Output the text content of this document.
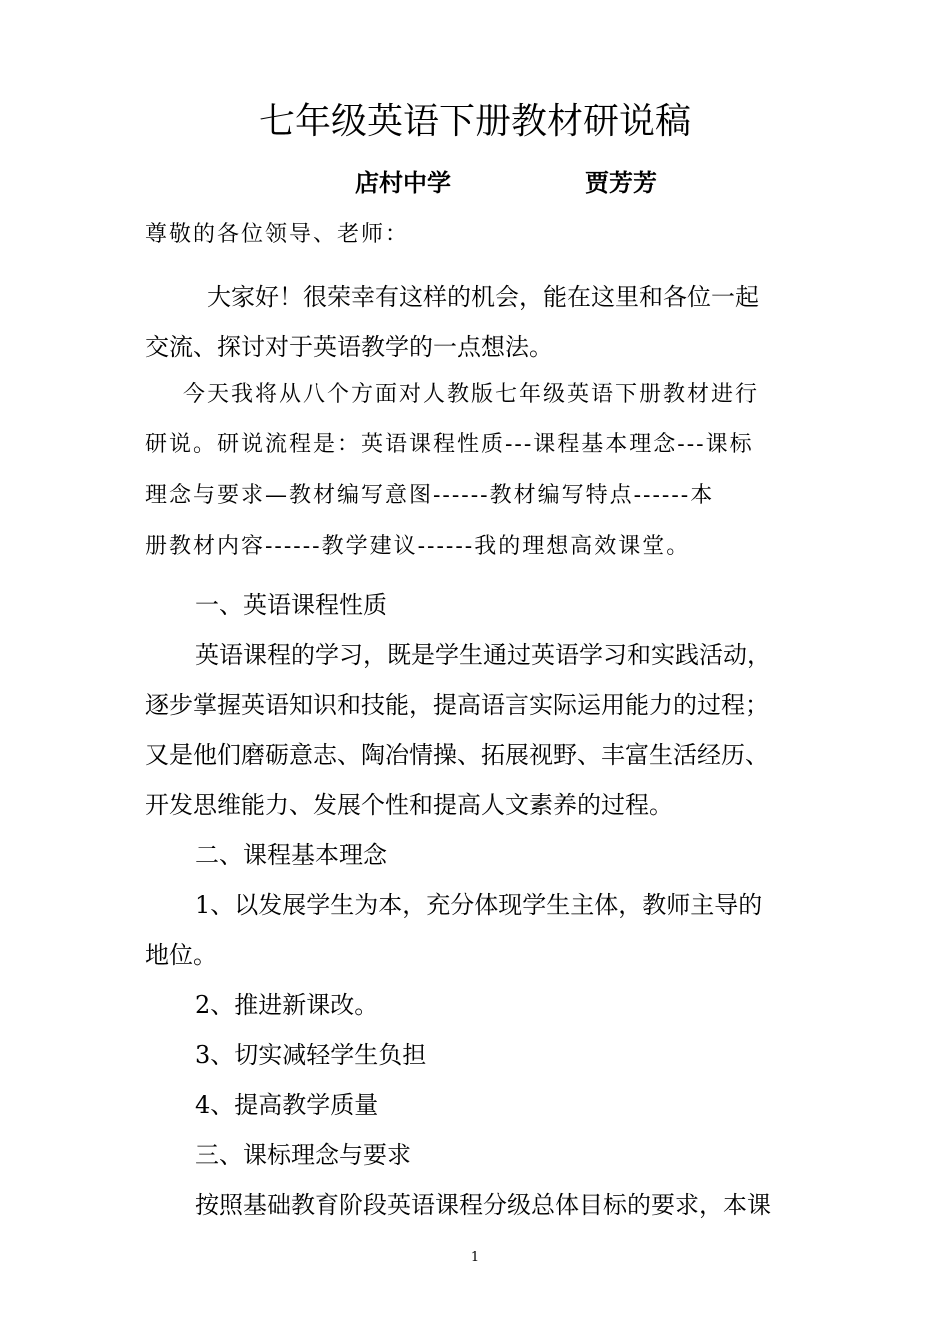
七年级英语下册教材研说稿
店村中学	贾芳芳
尊敬的各位领导、老师：
大家好！很荣幸有这样的机会，能在这里和各位一起
交流、探讨对于英语教学的一点想法。
今天我将从八个方面对人教版七年级英语下册教材进行
研说。研说流程是：英语课程性质---课程基本理念---课标
理念与要求—教材编写意图------教材编写特点------本
册教材内容------教学建议------我的理想高效课堂。
一、英语课程性质
英语课程的学习，既是学生通过英语学习和实践活动，
逐步掌握英语知识和技能，提高语言实际运用能力的过程；
又是他们磨砺意志、陶冶情操、拓展视野、丰富生活经历、
开发思维能力、发展个性和提高人文素养的过程。
二、课程基本理念
1、以发展学生为本，充分体现学生主体，教师主导的
地位。
2、推进新课改。
3、切实减轻学生负担
4、提高教学质量
三、课标理念与要求
按照基础教育阶段英语课程分级总体目标的要求，本课
1
